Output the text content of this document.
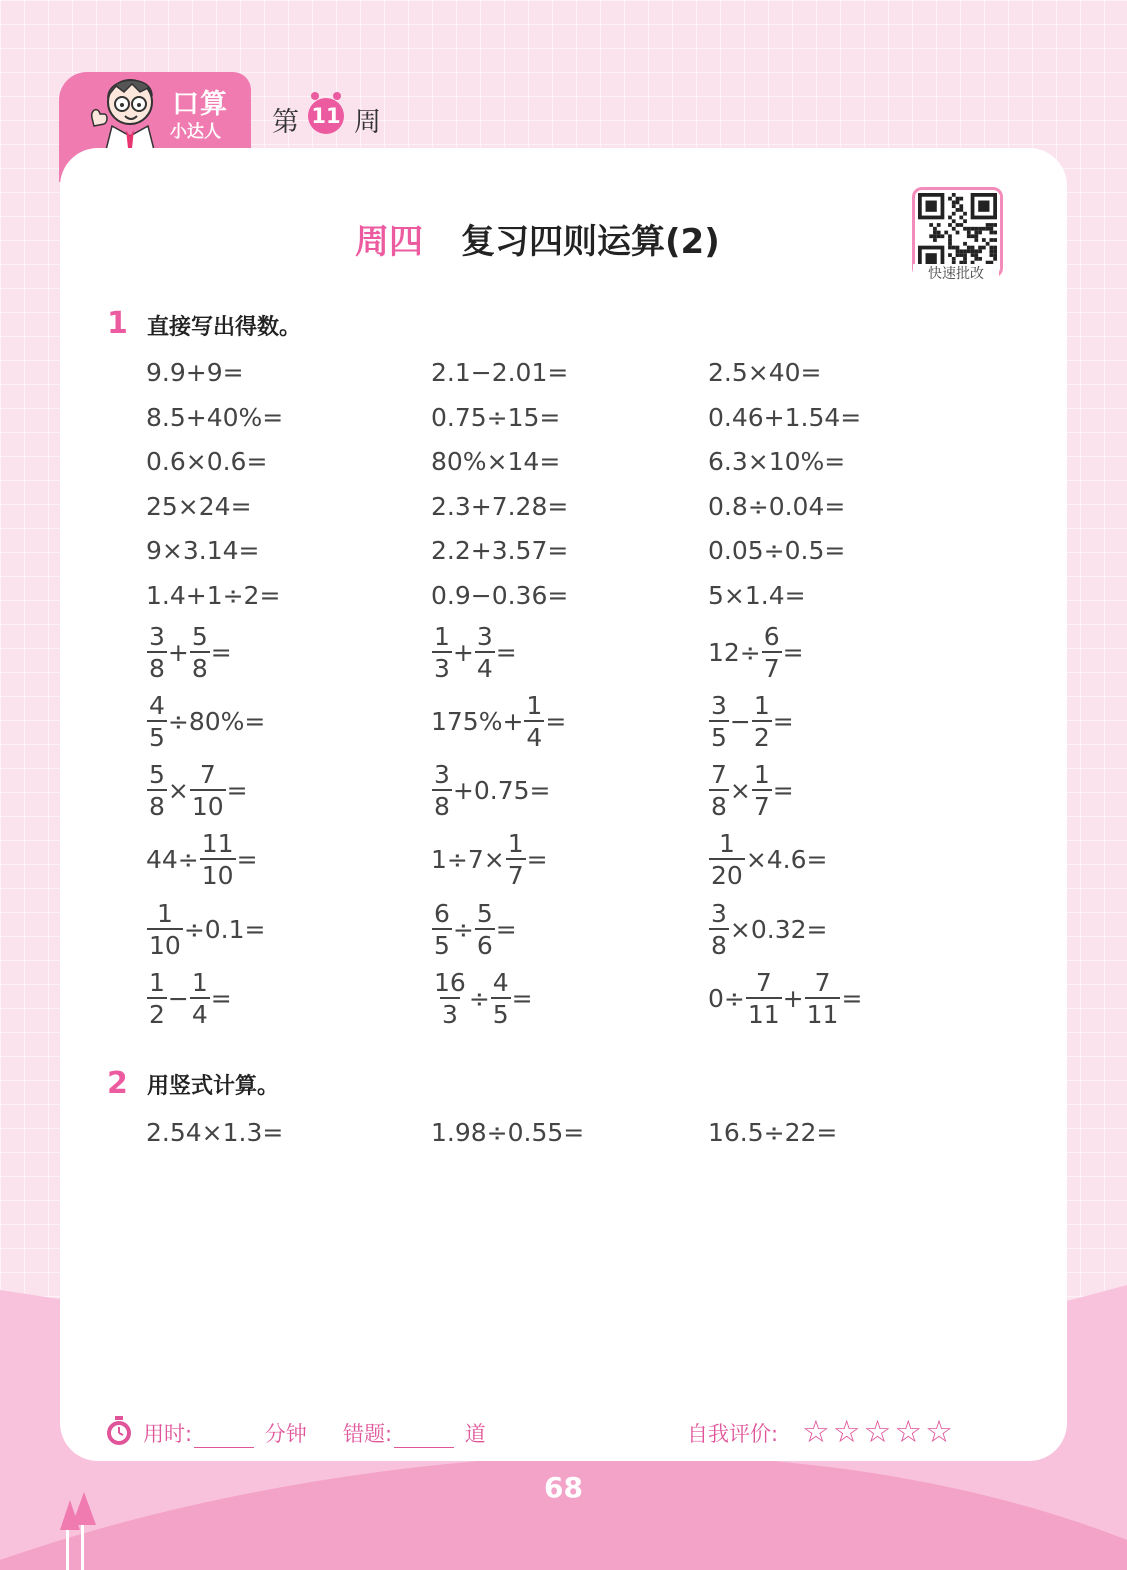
口算
小达人 第 11 周
周四 复习四则运算(2)
快速批改
1 直接写出得数。
9.9+9=	2.1−2.01=	2.5×40=
8.5+40%=	0.75÷15=	0.46+1.54=
0.6×0.6=	80%×14=	6.3×10%=
25×24=	2.3+7.28=	0.8÷0.04=
9×3.14=	2.2+3.57=	0.05÷0.5=
1.4+1÷2=	0.9−0.36=	5×1.4=
$\frac{3}{8} + \frac{5}{8}$ =	$\frac{1}{3} + \frac{3}{4}$ =	$12\div \frac{6}{7}$ =
$\frac{4}{5} \div 80\%=$	$175\%+ \frac{1}{4}$ =	$\frac{3}{5} - \frac{1}{2}$ =
$\frac{5}{8} \times \frac{7}{10}$ =	$\frac{3}{8} +0.75=$	$\frac{7}{8} \times \frac{1}{7}$ =
$44\div \frac{11}{10}$ =	$1\div 7\times \frac{1}{7}$ =	$\frac{1}{20} \times 4.6=$
$\frac{1}{10} \div 0.1=$	$\frac{6}{5} \div \frac{5}{6}$ =	$\frac{3}{8} \times 0.32=$
$\frac{1}{2} - \frac{1}{4}$ =	$\frac{16}{3} \div \frac{4}{5}$ =	$0\div \frac{7}{11} + \frac{7}{11}$ =
2 用竖式计算。
2.54×1.3=	1.98÷0.55=	16.5÷22=
用时:	分钟 错题:	道	自我评价: ☆☆☆☆☆
68
